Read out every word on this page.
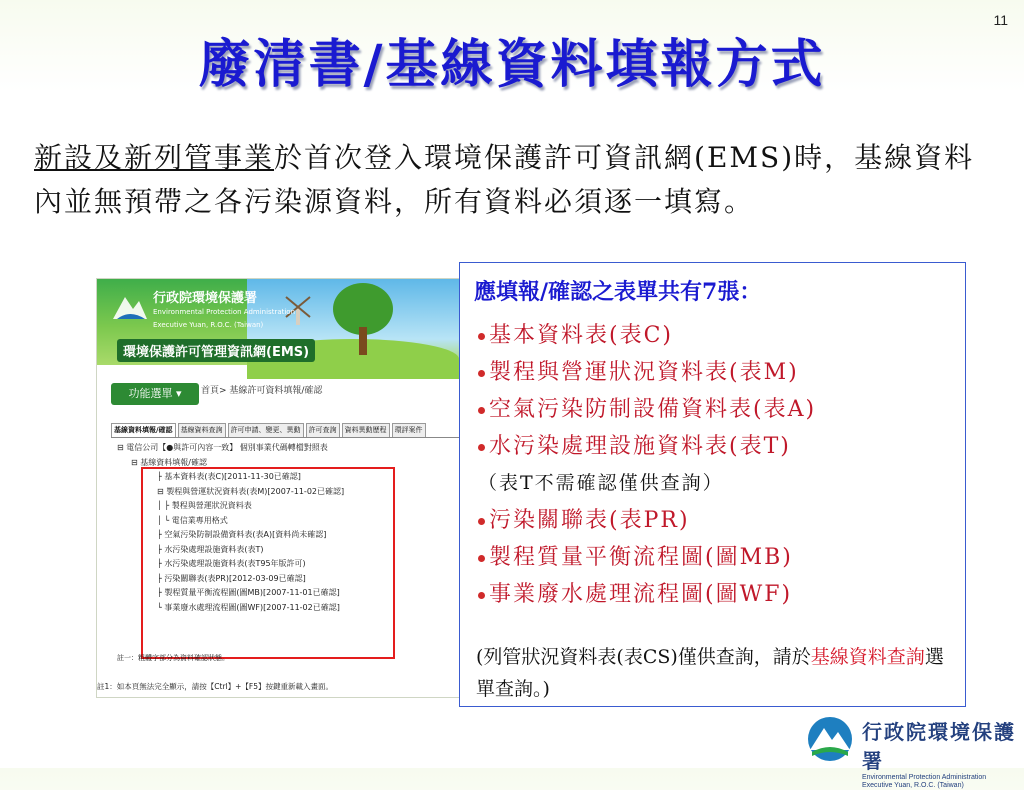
11
廢清書/基線資料填報方式
新設及新列管事業於首次登入環境保護許可資訊網(EMS)時，基線資料內並無預帶之各污染源資料，所有資料必須逐一填寫。
行政院環境保護署
Environmental Protection Administration
Executive Yuan, R.O.C. (Taiwan)
環境保護許可管理資訊網(EMS)
功能選單 ▾	首頁> 基線許可資料填報/確認
基線資料填報/確認	基線資料查詢	許可申請、變更、異動	許可查詢	資料異動歷程	環評案件
⊟ 電信公司【●與許可內容一致】 個別事業代碼轉檔對照表
⊟ 基線資料填報/確認
├ 基本資料表(表C)[2011-11-30已確認]
⊟ 製程與營運狀況資料表(表M)[2007-11-02已確認]
│ ├ 製程與營運狀況資料表
│ └ 電信業專用格式
├ 空氣污染防制設備資料表(表A)[資料尚未確認]
├ 水污染處理設施資料表(表T)
├ 水污染處理設施資料表(表T95年版許可)
├ 污染關聯表(表PR)[2012-03-09已確認]
├ 製程質量平衡流程圖(圖MB)[2007-11-01已確認]
└ 事業廢水處理流程圖(圖WF)[2007-11-02已確認]
註一：粗體字部分為資料確認狀態。
註1：如本頁無法完全顯示，請按【Ctrl】+【F5】按鍵重新載入畫面。
應填報/確認之表單共有7張：
基本資料表(表C)
製程與營運狀況資料表(表M)
空氣污染防制設備資料表(表A)
水污染處理設施資料表(表T)
（表T不需確認僅供查詢）
污染關聯表(表PR)
製程質量平衡流程圖(圖MB)
事業廢水處理流程圖(圖WF)
(列管狀況資料表(表CS)僅供查詢，請於基線資料查詢選單查詢。)
行政院環境保護署
Environmental Protection Administration
Executive Yuan, R.O.C. (Taiwan)
